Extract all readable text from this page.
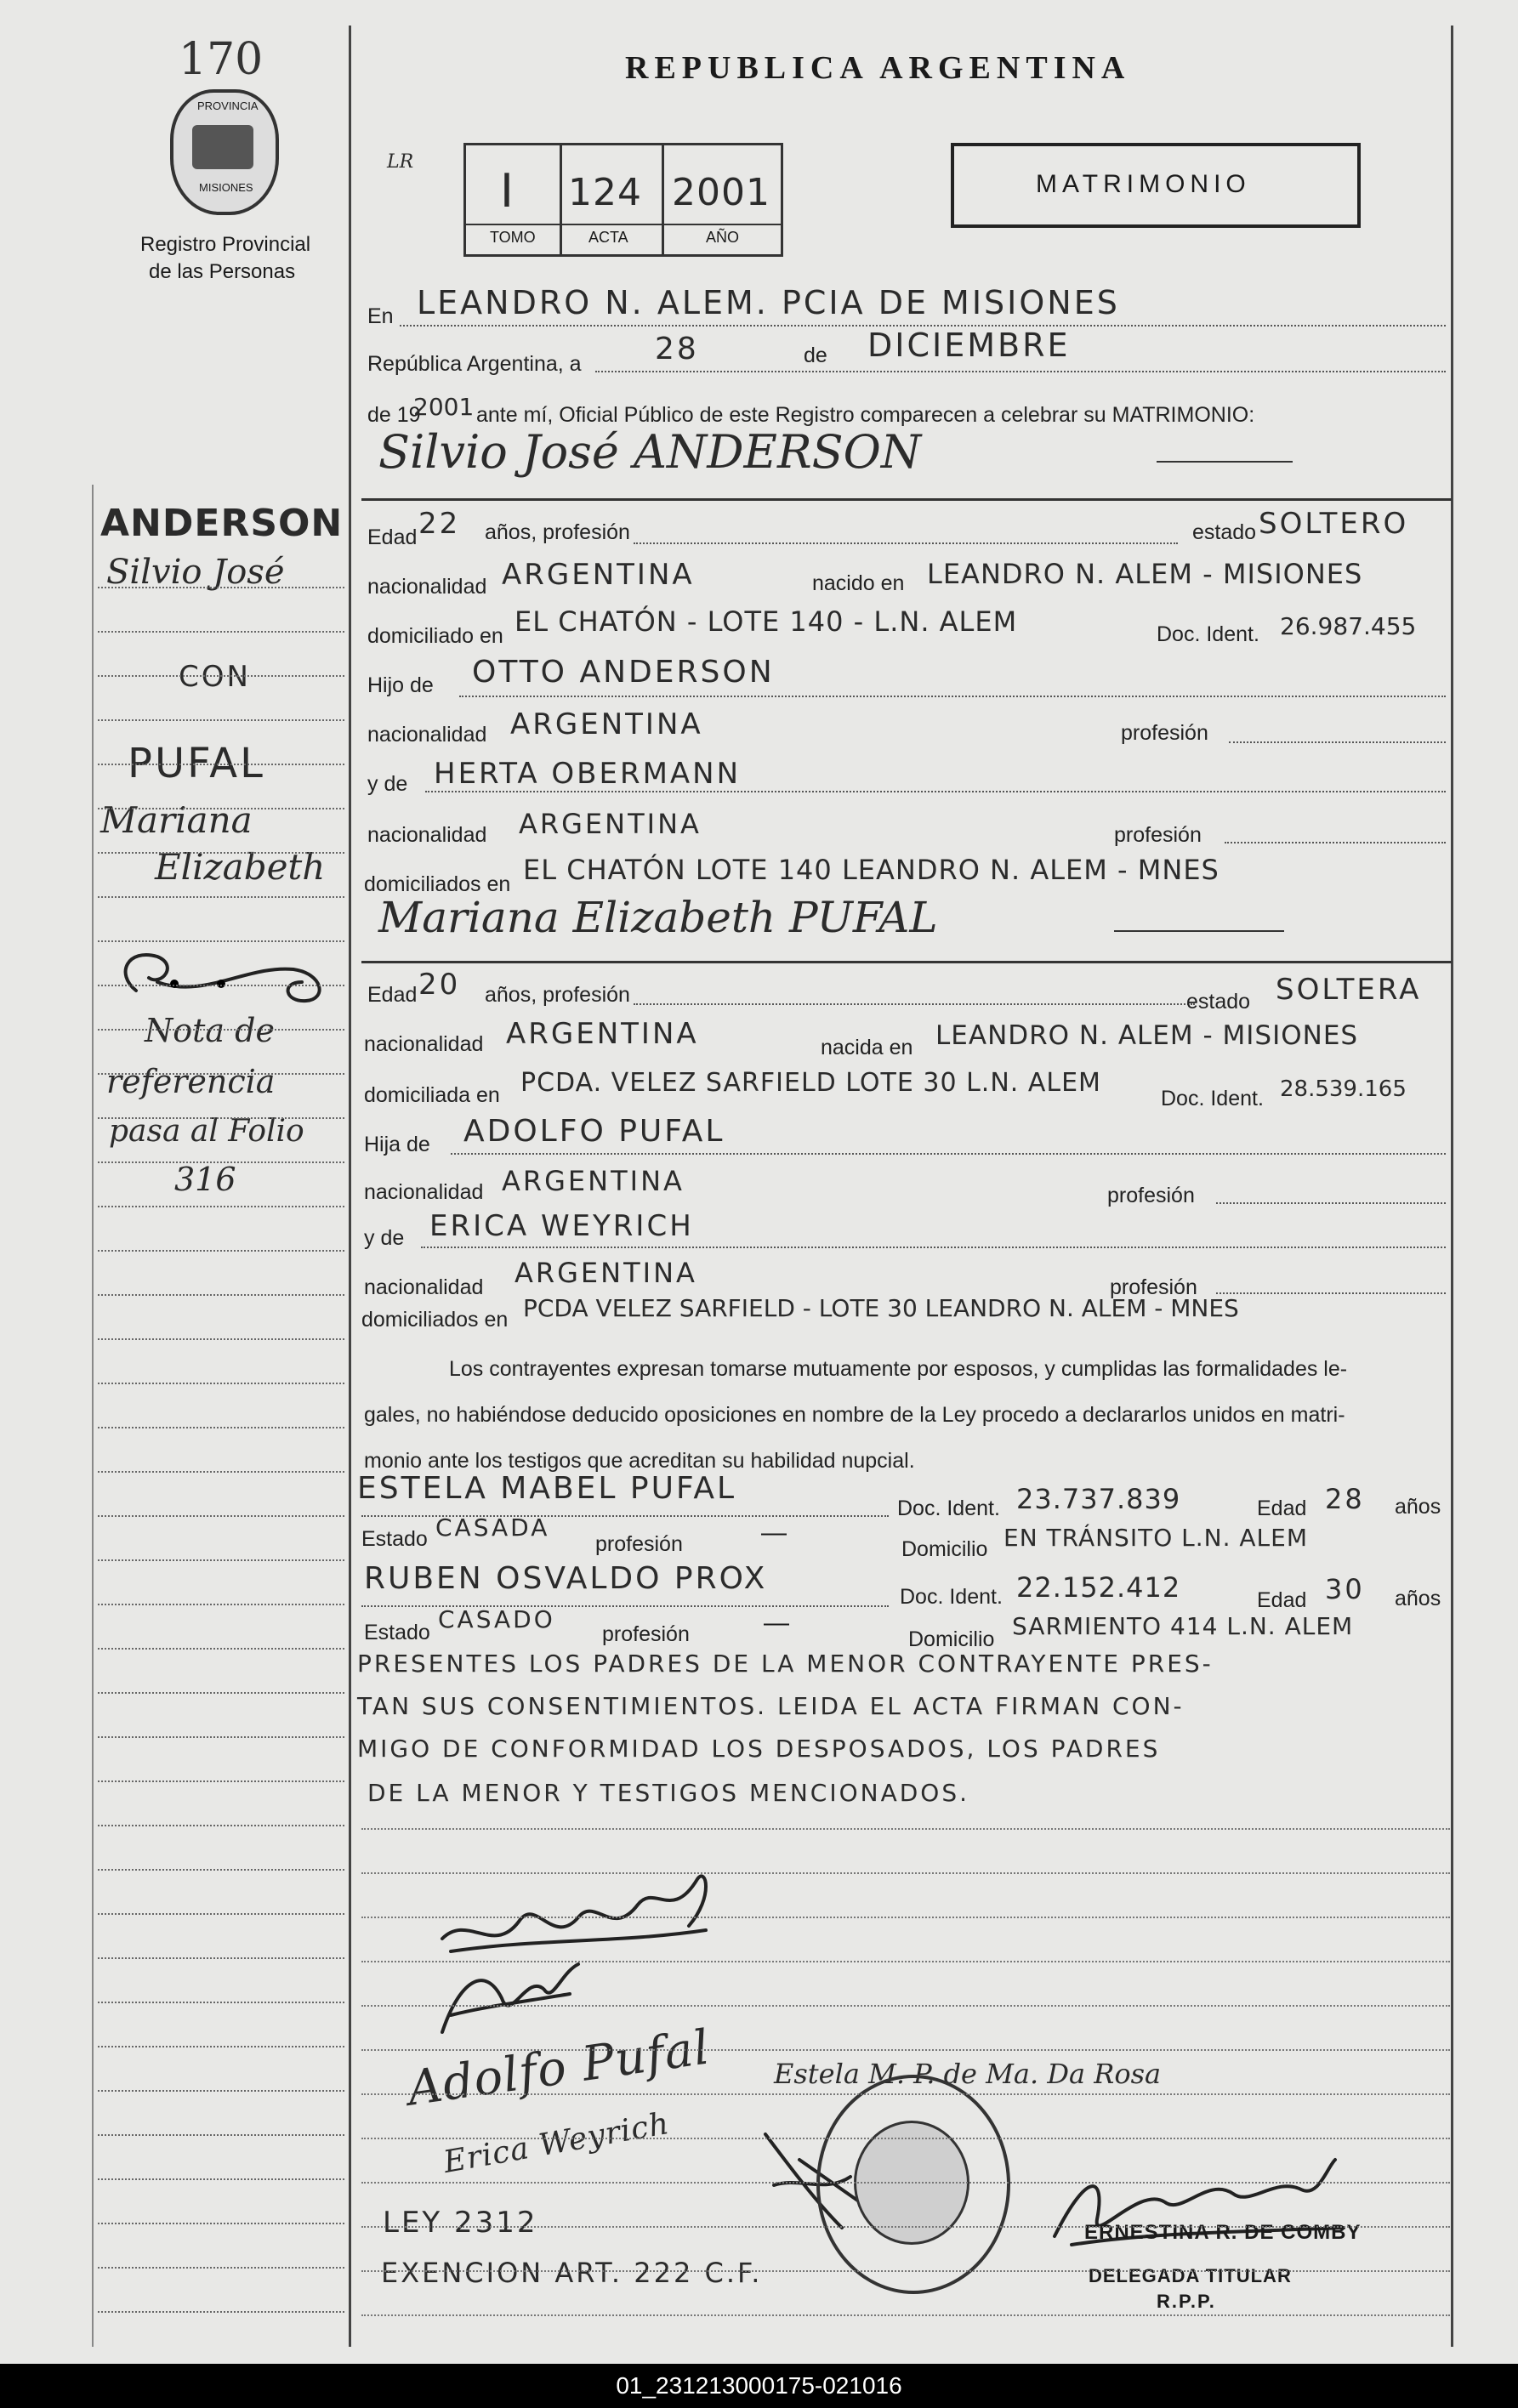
170
PROVINCIA
MISIONES
Registro Provincial
de las Personas
REPUBLICA ARGENTINA
LR
I
TOMO
124
ACTA
2001
AÑO
MATRIMONIO
En LEANDRO N. ALEM. PCIA DE MISIONES
República Argentina, a 28	de DICIEMBRE
de 19
2001 ante mí, Oficial Público de este Registro comparecen a celebrar su MATRIMONIO:
Silvio José ANDERSON
ANDERSON
Silvio José
CON
PUFAL
Mariana
Elizabeth
Nota de
referencia
pasa al Folio
316
Edad 22 años, profesión	estado SOLTERO
nacionalidad ARGENTINA	nacido en LEANDRO N. ALEM - MISIONES
domiciliado en EL CHATÓN - LOTE 140 - L.N. ALEM	Doc. Ident. 26.987.455
Hijo de OTTO ANDERSON
nacionalidad ARGENTINA	profesión
y de HERTA OBERMANN
nacionalidad ARGENTINA	profesión
domiciliados en EL CHATÓN LOTE 140 LEANDRO N. ALEM - MNES
Mariana Elizabeth PUFAL
Edad 20 años, profesión	estado SOLTERA
nacionalidad ARGENTINA	nacida en LEANDRO N. ALEM - MISIONES
domiciliada en PCDA. VELEZ SARFIELD LOTE 30 L.N. ALEM
Doc. Ident. 28.539.165
Hija de ADOLFO PUFAL
nacionalidad ARGENTINA	profesión
y de ERICA WEYRICH
nacionalidad ARGENTINA	profesión
domiciliados en PCDA VELEZ SARFIELD - LOTE 30 LEANDRO N. ALEM - MNES
Los contrayentes expresan tomarse mutuamente por esposos, y cumplidas las formalidades le-
gales, no habiéndose deducido oposiciones en nombre de la Ley procedo a declararlos unidos en matri-
monio ante los testigos que acreditan su habilidad nupcial.
ESTELA MABEL PUFAL
Doc. Ident. 23.737.839	Edad 28 años
Estado CASADA
profesión	—
Domicilio EN TRÁNSITO L.N. ALEM
RUBEN OSVALDO PROX
Doc. Ident. 22.152.412	Edad 30 años
Estado CASADO
profesión	—
Domicilio SARMIENTO 414 L.N. ALEM
PRESENTES LOS PADRES DE LA MENOR CONTRAYENTE PRES-
TAN SUS CONSENTIMIENTOS. LEIDA EL ACTA FIRMAN CON-
MIGO DE CONFORMIDAD LOS DESPOSADOS, LOS PADRES
DE LA MENOR Y TESTIGOS MENCIONADOS.
Adolfo Pufal
Erica Weyrich
Estela M. P. de Ma. Da Rosa
ERNESTINA R. DE COMBY
DELEGADA TITULAR
R.P.P.
LEY 2312
EXENCION ART. 222 C.F.
01_231213000175-021016
